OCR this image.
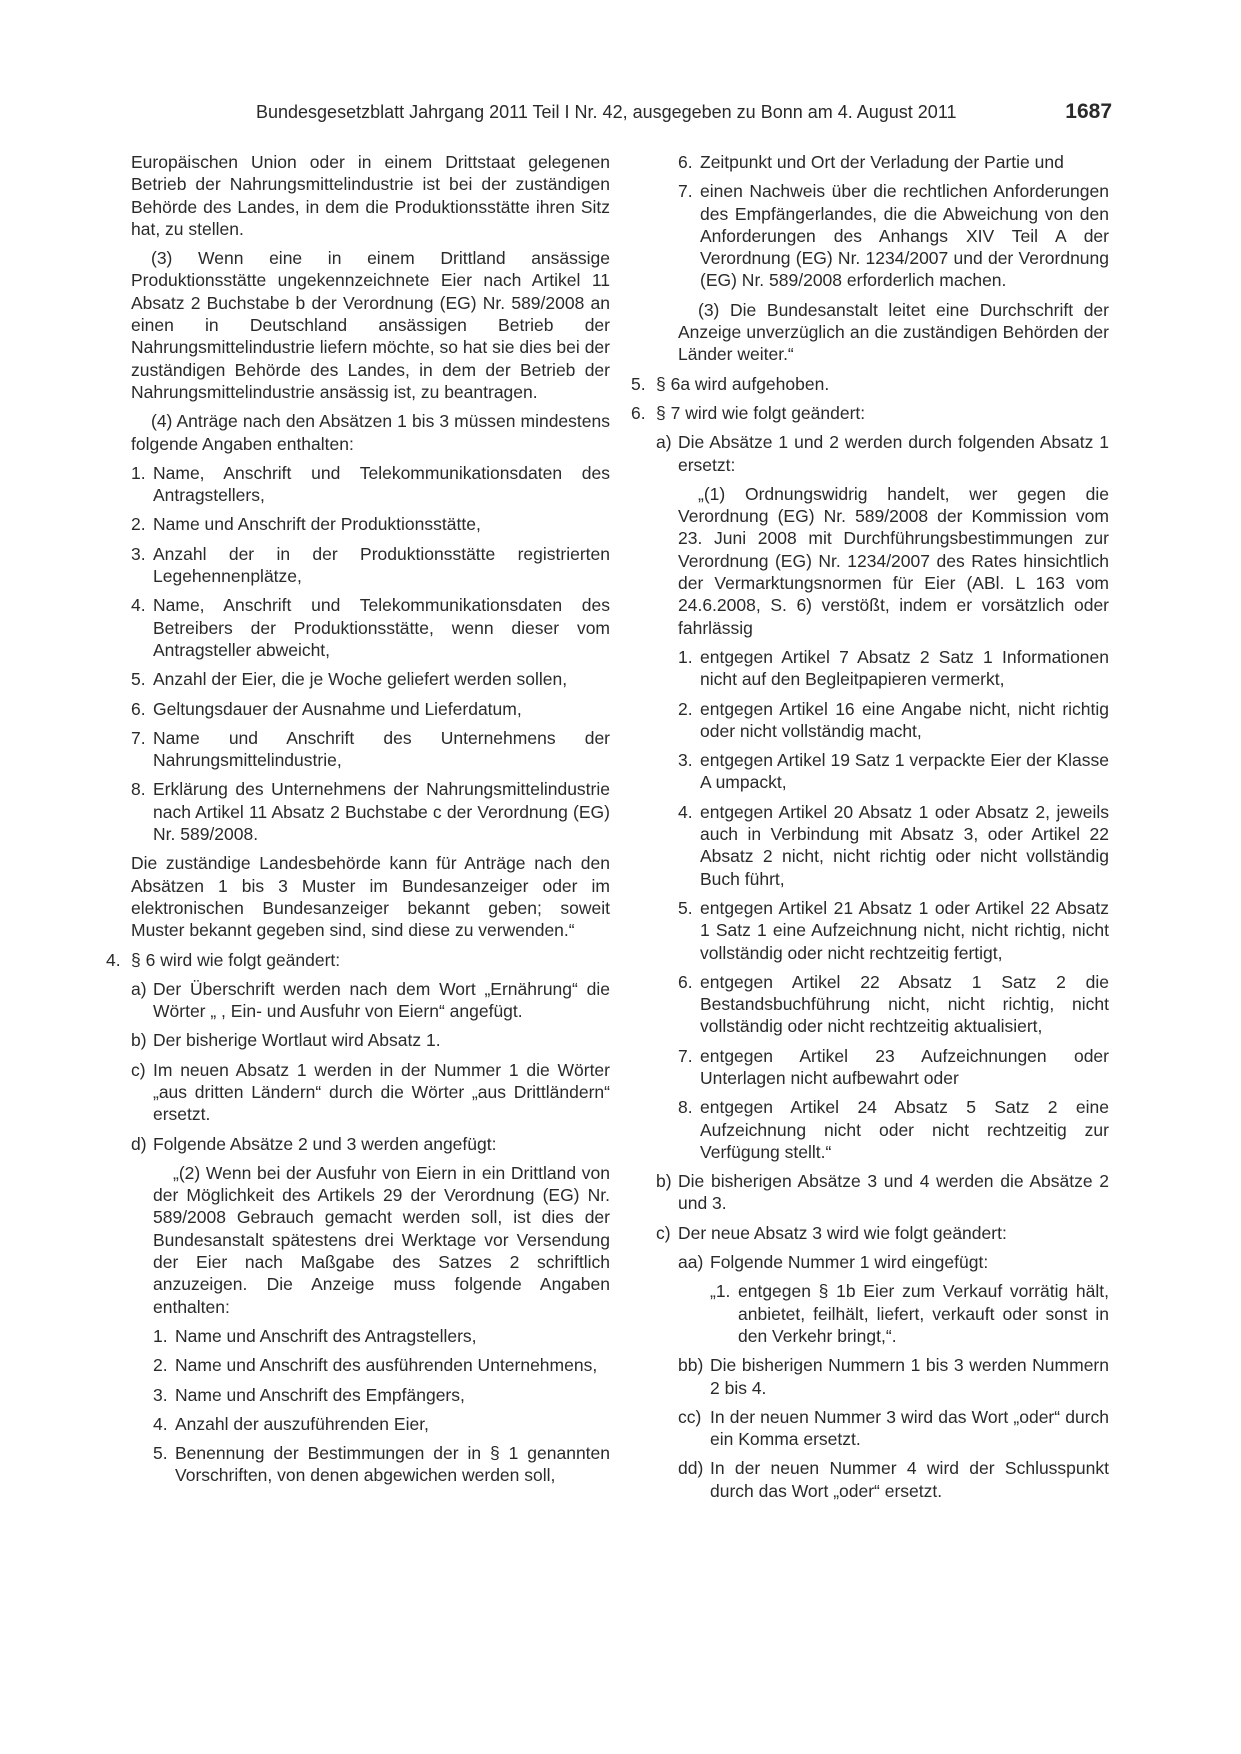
Bundesgesetzblatt Jahrgang 2011 Teil I Nr. 42, ausgegeben zu Bonn am 4. August 2011	1687
Europäischen Union oder in einem Drittstaat gelegenen Betrieb der Nahrungsmittelindustrie ist bei der zuständigen Behörde des Landes, in dem die Produktionsstätte ihren Sitz hat, zu stellen.
(3) Wenn eine in einem Drittland ansässige Produktionsstätte ungekennzeichnete Eier nach Artikel 11 Absatz 2 Buchstabe b der Verordnung (EG) Nr. 589/2008 an einen in Deutschland ansässigen Betrieb der Nahrungsmittelindustrie liefern möchte, so hat sie dies bei der zuständigen Behörde des Landes, in dem der Betrieb der Nahrungsmittelindustrie ansässig ist, zu beantragen.
(4) Anträge nach den Absätzen 1 bis 3 müssen mindestens folgende Angaben enthalten:
1. Name, Anschrift und Telekommunikationsdaten des Antragstellers,
2. Name und Anschrift der Produktionsstätte,
3. Anzahl der in der Produktionsstätte registrierten Legehennenplätze,
4. Name, Anschrift und Telekommunikationsdaten des Betreibers der Produktionsstätte, wenn dieser vom Antragsteller abweicht,
5. Anzahl der Eier, die je Woche geliefert werden sollen,
6. Geltungsdauer der Ausnahme und Lieferdatum,
7. Name und Anschrift des Unternehmens der Nahrungsmittelindustrie,
8. Erklärung des Unternehmens der Nahrungsmittelindustrie nach Artikel 11 Absatz 2 Buchstabe c der Verordnung (EG) Nr. 589/2008.
Die zuständige Landesbehörde kann für Anträge nach den Absätzen 1 bis 3 Muster im Bundesanzeiger oder im elektronischen Bundesanzeiger bekannt geben; soweit Muster bekannt gegeben sind, sind diese zu verwenden.“
4. § 6 wird wie folgt geändert:
a) Der Überschrift werden nach dem Wort „Ernährung“ die Wörter „ , Ein- und Ausfuhr von Eiern“ angefügt.
b) Der bisherige Wortlaut wird Absatz 1.
c) Im neuen Absatz 1 werden in der Nummer 1 die Wörter „aus dritten Ländern“ durch die Wörter „aus Drittländern“ ersetzt.
d) Folgende Absätze 2 und 3 werden angefügt:
„(2) Wenn bei der Ausfuhr von Eiern in ein Drittland von der Möglichkeit des Artikels 29 der Verordnung (EG) Nr. 589/2008 Gebrauch gemacht werden soll, ist dies der Bundesanstalt spätestens drei Werktage vor Versendung der Eier nach Maßgabe des Satzes 2 schriftlich anzuzeigen. Die Anzeige muss folgende Angaben enthalten:
1. Name und Anschrift des Antragstellers,
2. Name und Anschrift des ausführenden Unternehmens,
3. Name und Anschrift des Empfängers,
4. Anzahl der auszuführenden Eier,
5. Benennung der Bestimmungen der in § 1 genannten Vorschriften, von denen abgewichen werden soll,
6. Zeitpunkt und Ort der Verladung der Partie und
7. einen Nachweis über die rechtlichen Anforderungen des Empfängerlandes, die die Abweichung von den Anforderungen des Anhangs XIV Teil A der Verordnung (EG) Nr. 1234/2007 und der Verordnung (EG) Nr. 589/2008 erforderlich machen.
(3) Die Bundesanstalt leitet eine Durchschrift der Anzeige unverzüglich an die zuständigen Behörden der Länder weiter.“
5. § 6a wird aufgehoben.
6. § 7 wird wie folgt geändert:
a) Die Absätze 1 und 2 werden durch folgenden Absatz 1 ersetzt:
„(1) Ordnungswidrig handelt, wer gegen die Verordnung (EG) Nr. 589/2008 der Kommission vom 23. Juni 2008 mit Durchführungsbestimmungen zur Verordnung (EG) Nr. 1234/2007 des Rates hinsichtlich der Vermarktungsnormen für Eier (ABl. L 163 vom 24.6.2008, S. 6) verstößt, indem er vorsätzlich oder fahrlässig
1. entgegen Artikel 7 Absatz 2 Satz 1 Informationen nicht auf den Begleitpapieren vermerkt,
2. entgegen Artikel 16 eine Angabe nicht, nicht richtig oder nicht vollständig macht,
3. entgegen Artikel 19 Satz 1 verpackte Eier der Klasse A umpackt,
4. entgegen Artikel 20 Absatz 1 oder Absatz 2, jeweils auch in Verbindung mit Absatz 3, oder Artikel 22 Absatz 2 nicht, nicht richtig oder nicht vollständig Buch führt,
5. entgegen Artikel 21 Absatz 1 oder Artikel 22 Absatz 1 Satz 1 eine Aufzeichnung nicht, nicht richtig, nicht vollständig oder nicht rechtzeitig fertigt,
6. entgegen Artikel 22 Absatz 1 Satz 2 die Bestandsbuchführung nicht, nicht richtig, nicht vollständig oder nicht rechtzeitig aktualisiert,
7. entgegen Artikel 23 Aufzeichnungen oder Unterlagen nicht aufbewahrt oder
8. entgegen Artikel 24 Absatz 5 Satz 2 eine Aufzeichnung nicht oder nicht rechtzeitig zur Verfügung stellt.“
b) Die bisherigen Absätze 3 und 4 werden die Absätze 2 und 3.
c) Der neue Absatz 3 wird wie folgt geändert:
aa) Folgende Nummer 1 wird eingefügt:
„1. entgegen § 1b Eier zum Verkauf vorrätig hält, anbietet, feilhält, liefert, verkauft oder sonst in den Verkehr bringt,“.
bb) Die bisherigen Nummern 1 bis 3 werden Nummern 2 bis 4.
cc) In der neuen Nummer 3 wird das Wort „oder“ durch ein Komma ersetzt.
dd) In der neuen Nummer 4 wird der Schlusspunkt durch das Wort „oder“ ersetzt.
